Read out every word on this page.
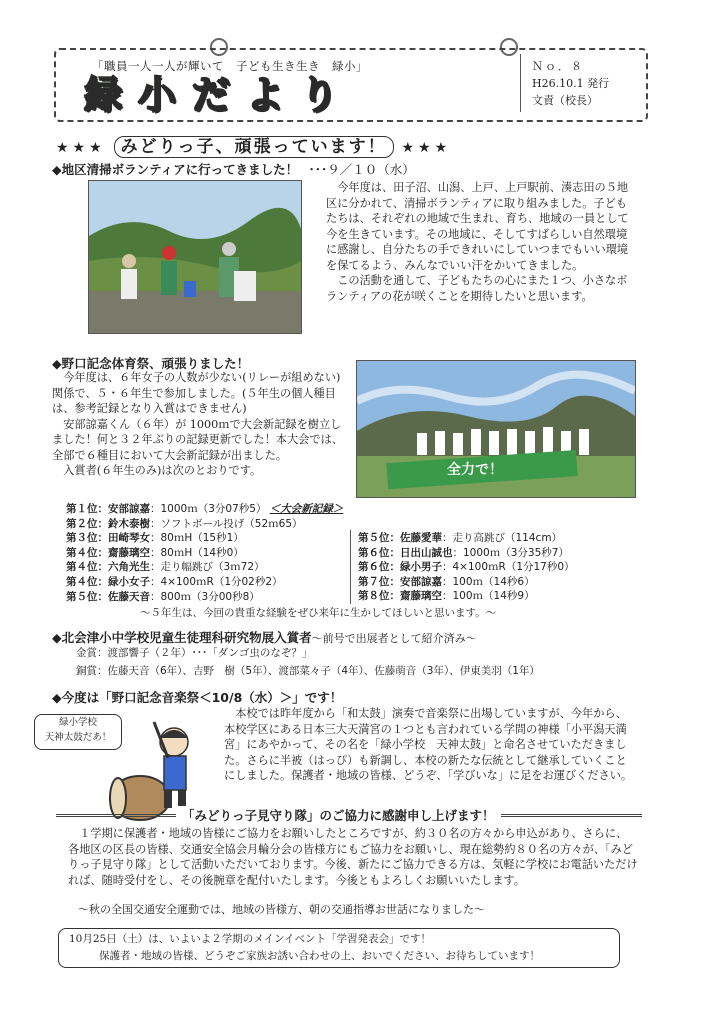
「職員一人一人が輝いて　子ども生き生き　緑小」
緑 小 だ よ り
Ｎｏ．８
H26.10.1 発行
文責（校長）
★★★ みどりっ子、頑張っています！ ★★★
◆地区清掃ボランティアに行ってきました！ ･･･９／１０（水）
今年度は、田子沼、山潟、上戸、上戸駅前、湊志田の５地区に分かれて、清掃ボランティアに取り組みました。子どもたちは、それぞれの地域で生まれ、育ち、地域の一員として今を生きています。その地域に、そしてすばらしい自然環境に感謝し、自分たちの手できれいにしていつまでもいい環境を保てるよう、みんなでいい汗をかいてきました。
この活動を通して、子どもたちの心にまた１つ、小さなボランティアの花が咲くことを期待したいと思います。
◆野口記念体育祭、頑張りました！
今年度は、６年女子の人数が少ない(リレーが組めない) 関係で、５・６年生で参加しました。(５年生の個人種目は、参考記録となり入賞はできません)
安部諒嘉くん（６年）が 1000ｍで大会新記録を樹立しました！何と３２年ぶりの記録更新でした！本大会では、全部で６種目において大会新記録が出ました。
入賞者(６年生のみ)は次のとおりです。	全力で！
第１位：安部諒嘉：1000ｍ（3分07秒5） ＜大会新記録＞
第２位：鈴木泰樹：ソフトボール投げ（52ｍ65）
第３位：田崎琴女：80ｍH（15秒1）
第４位：齋藤璃空：80ｍH（14秒0）
第４位：六角光生：走り幅跳び（3ｍ72）
第４位：緑小女子：4×100ｍR（1分02秒2）
第５位：佐藤天音：800ｍ（3分00秒8）
第５位：佐藤愛華：走り高跳び（114cm）
第６位：日出山誠也：1000ｍ（3分35秒7）
第６位：緑小男子：4×100ｍR（1分17秒0）
第７位：安部諒嘉：100ｍ（14秒6）
第８位：齋藤璃空：100ｍ（14秒9）
〜５年生は、今回の貴重な経験をぜひ来年に生かしてほしいと思います。〜
◆北会津小中学校児童生徒理科研究物展入賞者〜前号で出展者として紹介済み〜
金賞：渡部響子（２年）･･･「ダンゴ虫のなぞ？」
銅賞：佐藤天音（6年）、吉野　樹（5年）、渡部菜々子（4年）、佐藤萌音（3年）、伊東美羽（1年）
◆今度は「野口記念音楽祭＜10/8（水）＞」です！
緑小学校
天神太鼓だあ！
本校では昨年度から「和太鼓」演奏で音楽祭に出場していますが、今年から、本校学区にある日本三大天満宮の１つとも言われている学問の神様「小平潟天満宮」にあやかって、その名を「緑小学校　天神太鼓」と命名させていただきました。さらに半被（はっぴ）も新調し、本校の新たな伝統として継承していくことにしました。保護者・地域の皆様、どうぞ、「学びいな」に足をお運びください。
「みどりっ子見守り隊」のご協力に感謝申し上げます！
１学期に保護者・地域の皆様にご協力をお願いしたところですが、約３０名の方々から申込があり、さらに、各地区の区長の皆様、交通安全協会月輪分会の皆様方にもご協力をお願いし、現在総勢約８０名の方々が、「みどりっ子見守り隊」として活動いただいております。今後、新たにご協力できる方は、気軽に学校にお電話いただければ、随時受付をし、その後腕章を配付いたします。今後ともよろしくお願いいたします。
〜秋の全国交通安全運動では、地域の皆様方、朝の交通指導お世話になりました〜
10月25日（土）は、いよいよ２学期のメインイベント「学習発表会」です！
保護者・地域の皆様、どうぞご家族お誘い合わせの上、おいでください、お待ちしています！
